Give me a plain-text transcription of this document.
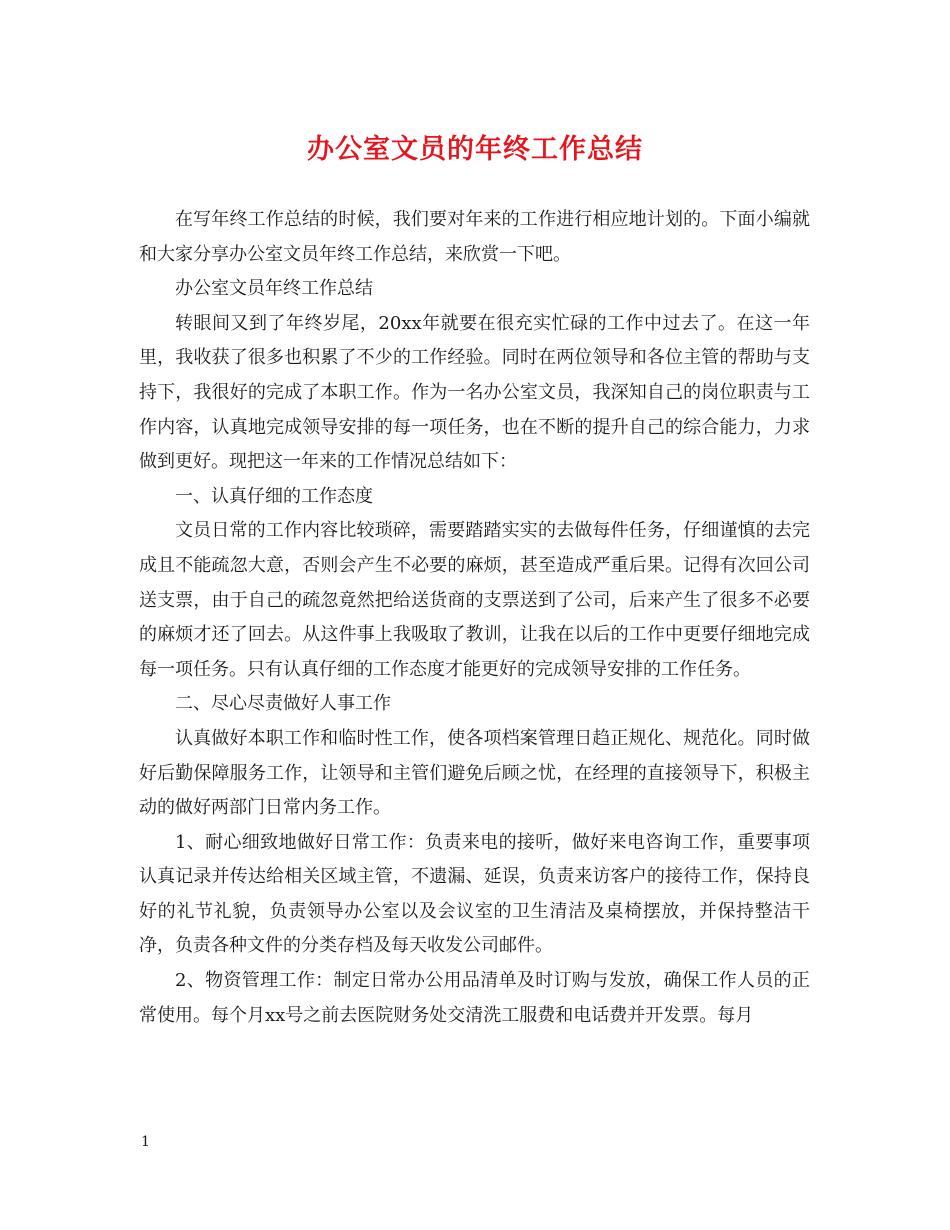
办公室文员的年终工作总结

在写年终工作总结的时候，我们要对年来的工作进行相应地计划的。下面小编就和大家分享办公室文员年终工作总结，来欣赏一下吧。

办公室文员年终工作总结

转眼间又到了年终岁尾，20xx年就要在很充实忙碌的工作中过去了。在这一年里，我收获了很多也积累了不少的工作经验。同时在两位领导和各位主管的帮助与支持下，我很好的完成了本职工作。作为一名办公室文员，我深知自己的岗位职责与工作内容，认真地完成领导安排的每一项任务，也在不断的提升自己的综合能力，力求做到更好。现把这一年来的工作情况总结如下：

一、认真仔细的工作态度

文员日常的工作内容比较琐碎，需要踏踏实实的去做每件任务，仔细谨慎的去完成且不能疏忽大意，否则会产生不必要的麻烦，甚至造成严重后果。记得有次回公司送支票，由于自己的疏忽竟然把给送货商的支票送到了公司，后来产生了很多不必要的麻烦才还了回去。从这件事上我吸取了教训，让我在以后的工作中更要仔细地完成每一项任务。只有认真仔细的工作态度才能更好的完成领导安排的工作任务。

二、尽心尽责做好人事工作

认真做好本职工作和临时性工作，使各项档案管理日趋正规化、规范化。同时做好后勤保障服务工作，让领导和主管们避免后顾之忧，在经理的直接领导下，积极主动的做好两部门日常内务工作。

1、耐心细致地做好日常工作：负责来电的接听，做好来电咨询工作，重要事项认真记录并传达给相关区域主管，不遗漏、延误，负责来访客户的接待工作，保持良好的礼节礼貌，负责领导办公室以及会议室的卫生清洁及桌椅摆放，并保持整洁干净，负责各种文件的分类存档及每天收发公司邮件。

2、物资管理工作：制定日常办公用品清单及时订购与发放，确保工作人员的正常使用。每个月xx号之前去医院财务处交清洗工服费和电话费并开发票。每月

1
